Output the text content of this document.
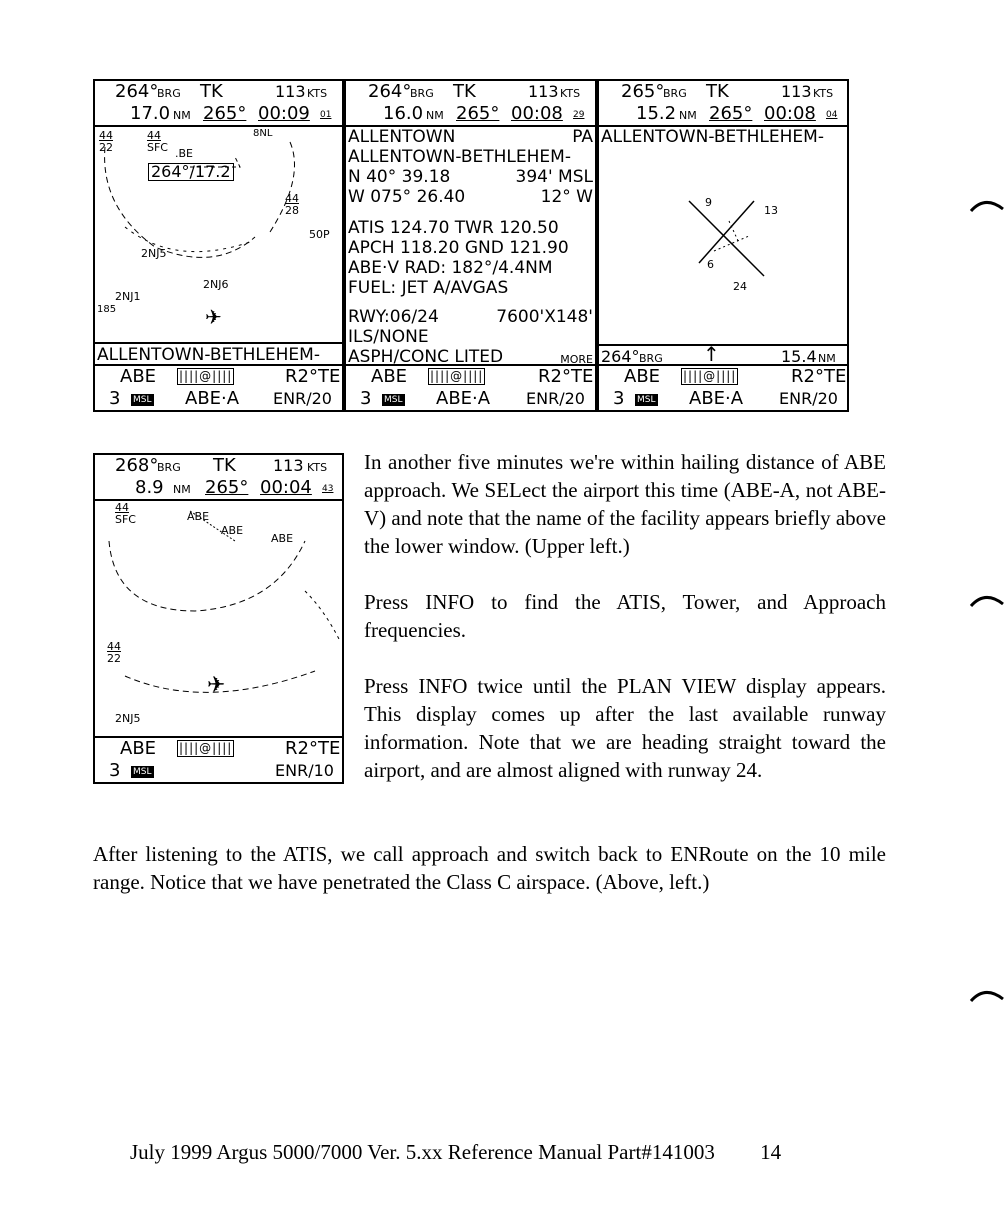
264°
BRG TK	113 KTS
17.0 NM 265° 00:09 01
44
22
44
SFC .BE
8NL
264°/17.2
44
28
50P
2NJ5
2NJ6
2NJ1
185	✈
ALLENTOWN-BETHLEHEM-
ABE ||||@||||	R2°TE
3 MSL ABE·A ENR/20
264°
BRG TK	113 KTS
16.0 NM 265° 00:08 29
ALLENTOWN	PA
ALLENTOWN-BETHLEHEM-
N 40° 39.18	394' MSL
W 075° 26.40	12° W
ATIS 124.70 TWR 120.50
APCH 118.20 GND 121.90
ABE·V RAD: 182°/4.4NM
FUEL: JET A/AVGAS
RWY:06/24	7600'X148'
ILS/NONE
ASPH/CONC LITED	MORE
ABE ||||@||||	R2°TE
3 MSL ABE·A ENR/20
265°
BRG TK	113 KTS
15.2 NM 265° 00:08 04
ALLENTOWN-BETHLEHEM-
9
13
6
24
264° BRG ↑	15.4 NM
ABE ||||@||||	R2°TE
3 MSL ABE·A ENR/20
268°
BRG TK 113 KTS
8.9 NM 265° 00:04 43
44
SFC	ABE
ABE
ABE
44
22
✈
2NJ5
ABE ||||@||||	R2°TE
3 MSL	ENR/10

In another five minutes we're within hailing distance of ABE approach. We SELect the airport this time (ABE-A, not ABE-V) and note that the name of the facility appears briefly above the lower window. (Upper left.)

Press INFO to find the ATIS, Tower, and Approach frequencies.

Press INFO twice until the PLAN VIEW display appears. This display comes up after the last available runway information. Note that we are heading straight toward the airport, and are almost aligned with runway 24.

After listening to the ATIS, we call approach and switch back to ENRoute on the 10 mile range. Notice that we have penetrated the Class C airspace. (Above, left.)

July 1999 Argus 5000/7000 Ver. 5.xx Reference Manual Part#141003 14
